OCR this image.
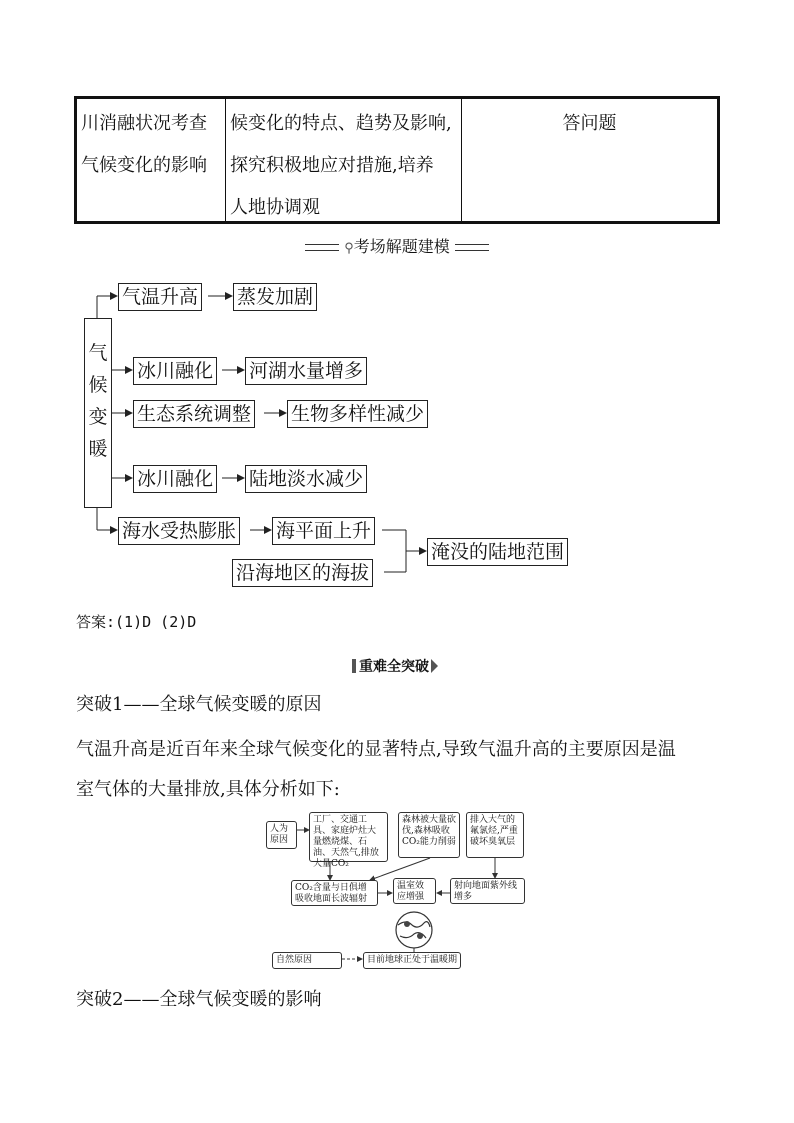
川消融状况考查
气候变化的影响
候变化的特点、趋势及影响,
探究积极地应对措施,培养
人地协调观
答问题
⚲考场解题建模
气
候
变
暖
气温升高 蒸发加剧
冰川融化 河湖水量增多
生态系统调整 生物多样性减少
冰川融化 陆地淡水减少
海水受热膨胀 海平面上升
沿海地区的海拔
淹没的陆地范围
答案:(1)D (2)D
重难全突破
突破1——全球气候变暖的原因
气温升高是近百年来全球气候变化的显著特点,导致气温升高的主要原因是温
室气体的大量排放,具体分析如下:
人为原因
工厂、交通工具、家庭炉灶大量燃烧煤、石油、天然气,排放大量CO₂
森林被大量砍伐,森林吸收CO₂能力削弱
排入大气的氟氯烃,严重破坏臭氧层
CO₂含量与日俱增吸收地面长波辐射
温室效应增强
射向地面紫外线增多
自然原因	目前地球正处于温暖期
突破2——全球气候变暖的影响
